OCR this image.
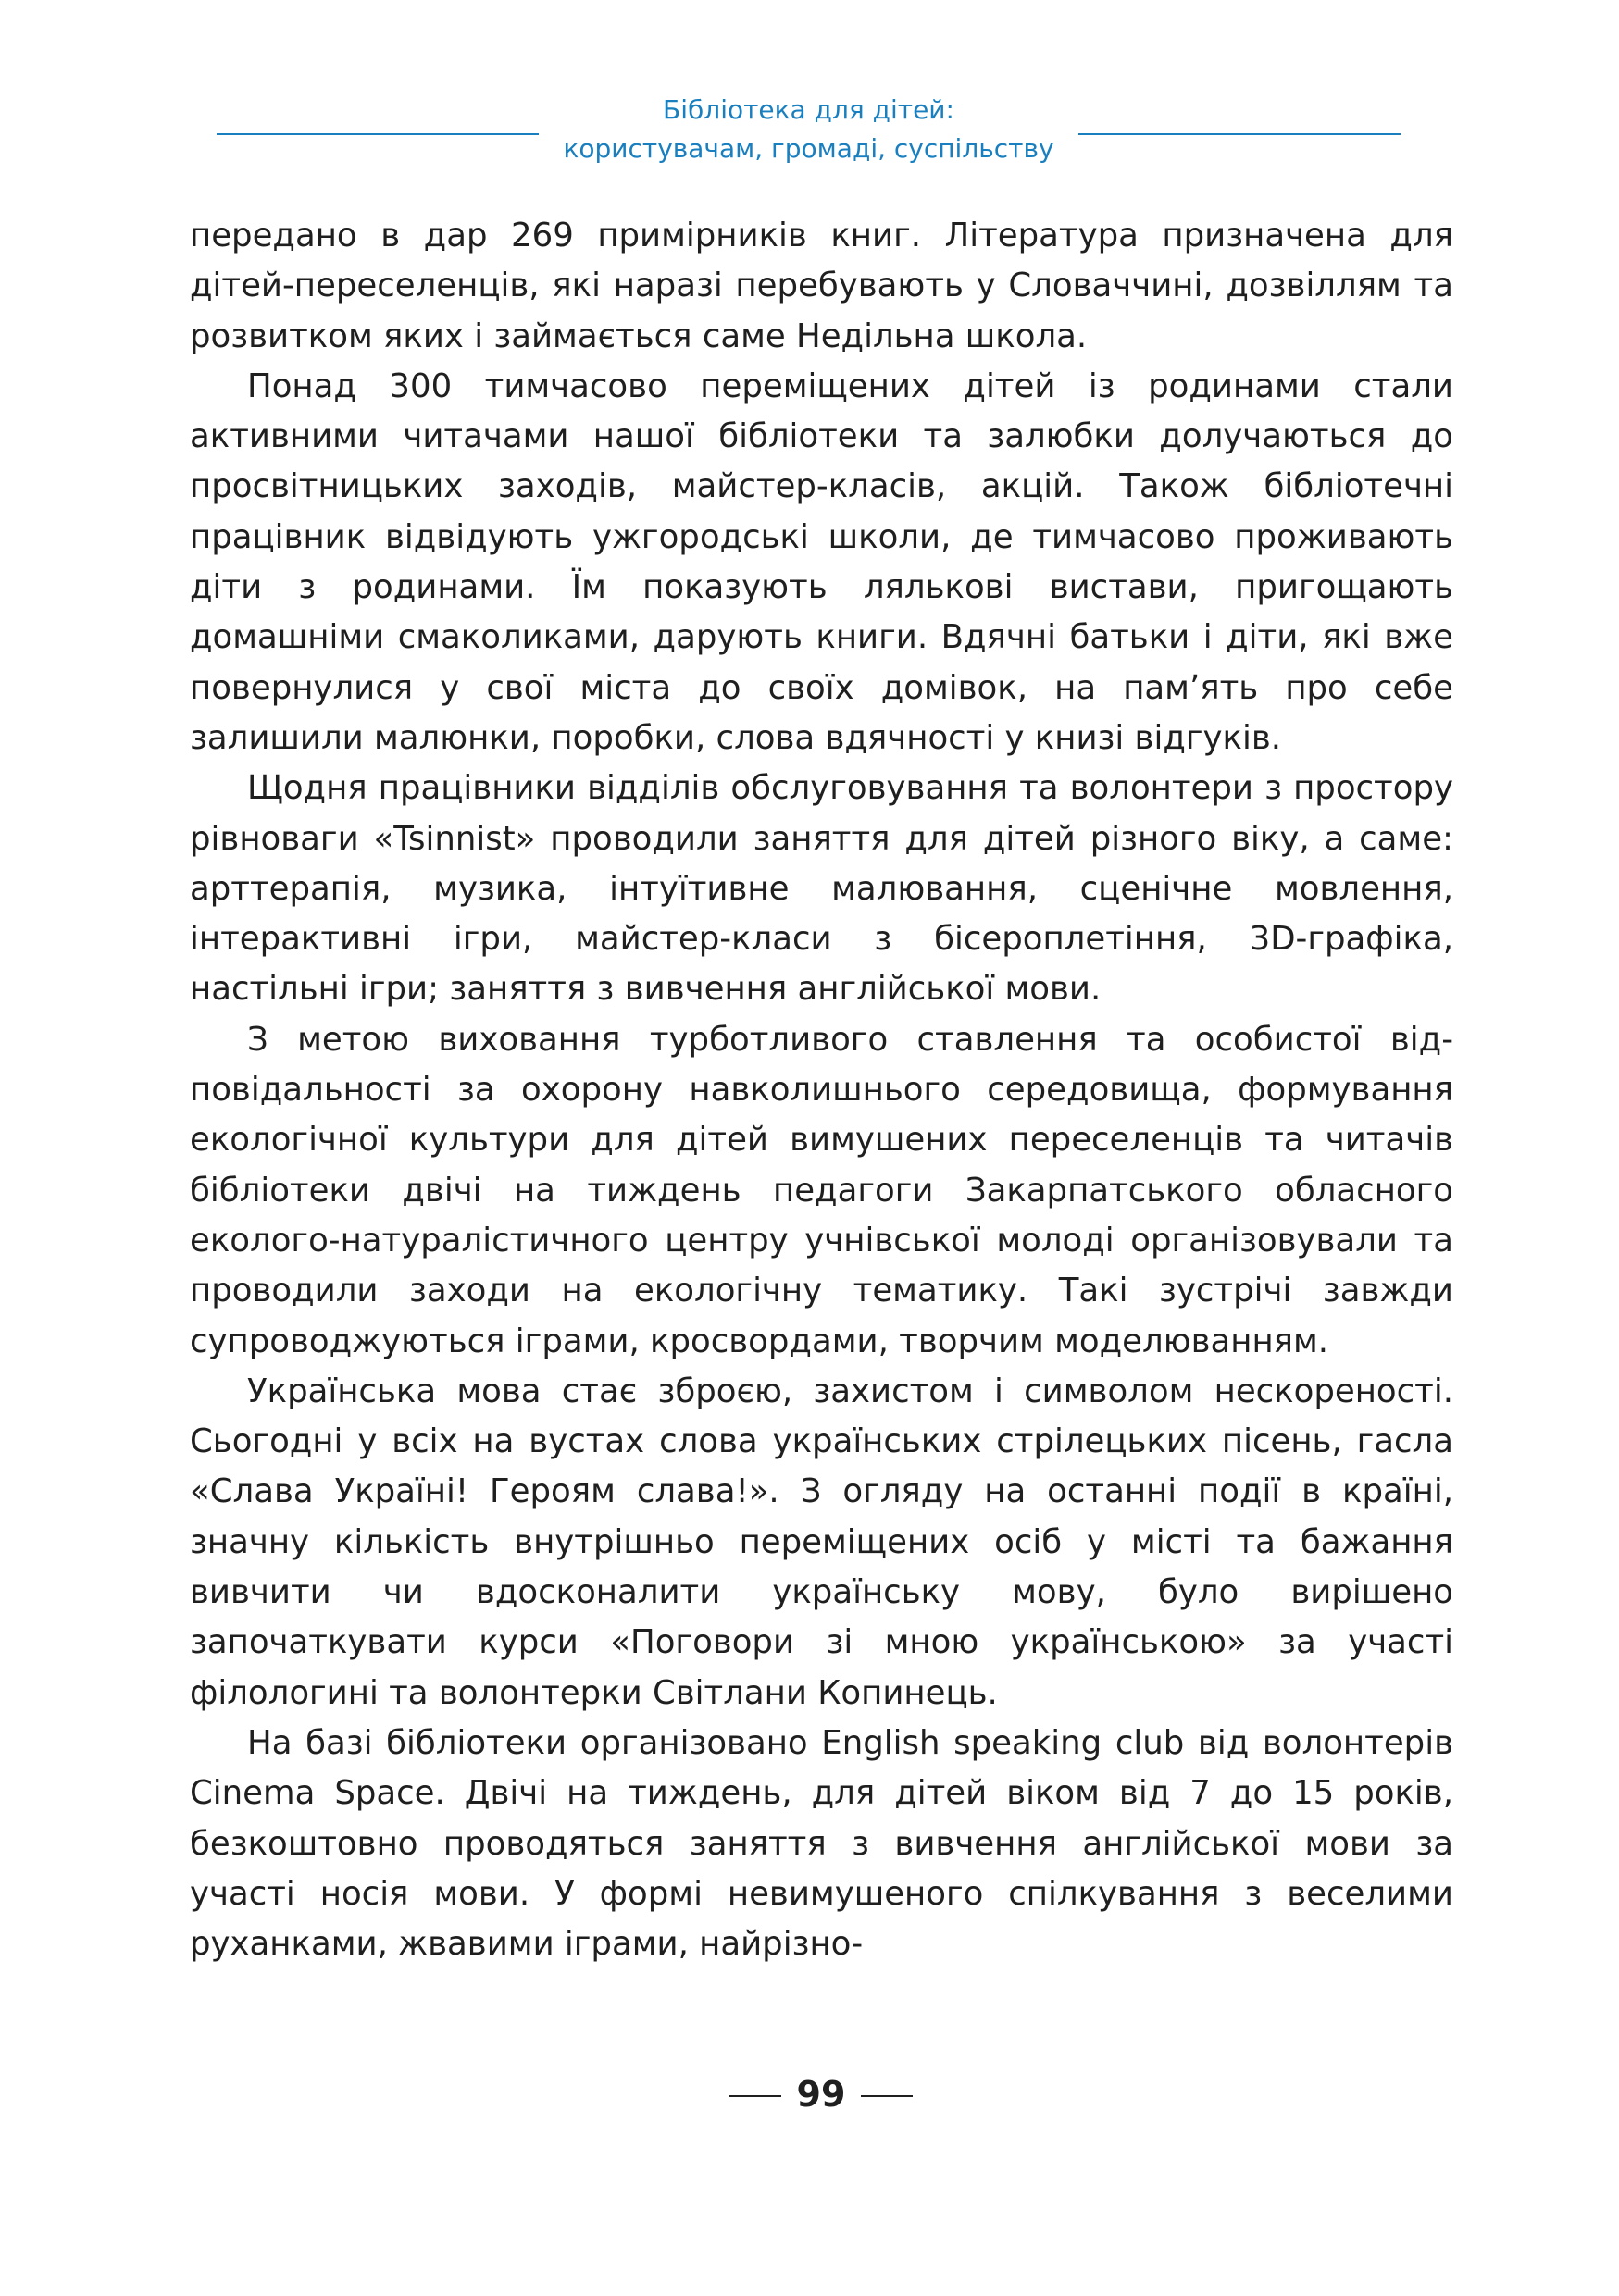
Бібліотека для дітей:
користувачам, громаді, суспільству

передано в дар 269 примірників книг. Література призначена для дітей-переселенців, які наразі перебувають у Словаччині, дозвіллям та розвитком яких і займається саме Недільна школа.

Понад 300 тимчасово переміщених дітей із родинами стали активними читачами нашої бібліотеки та залюбки долучаються до просвітницьких заходів, майстер-класів, акцій. Також бібліотечні працівник відвідують ужгородські школи, де тимчасово проживають діти з родинами. Їм показують лялькові вистави, пригощають домашніми смаколиками, дарують книги. Вдячні батьки і діти, які вже повернулися у свої міста до своїх домівок, на пам’ять про себе залишили малюнки, поробки, слова вдячності у книзі відгуків.

Щодня працівники відділів обслуговування та волонтери з простору рівноваги «Tsinnist» проводили заняття для дітей різного віку, а саме: арттерапія, музика, інтуїтивне малювання, сценічне мовлення, інтерактивні ігри, майстер-класи з бісероплетіння, 3D-графіка, настільні ігри; заняття з вивчення англійської мови.

З метою виховання турботливого ставлення та особистої відповідальності за охорону навколишнього середовища, формування екологічної культури для дітей вимушених переселенців та читачів бібліотеки двічі на тиждень педагоги Закарпатського обласного еколого-натуралістичного центру учнівської молоді організовували та проводили заходи на екологічну тематику. Такі зустрічі завжди супроводжуються іграми, кросвордами, творчим моделюванням.

Українська мова стає зброєю, захистом і символом нескореності. Сьогодні у всіх на вустах слова українських стрілецьких пісень, гасла «Слава Україні! Героям слава!». З огляду на останні події в країні, значну кількість внутрішньо переміщених осіб у місті та бажання вивчити чи вдосконалити українську мову, було вирішено започаткувати курси «Поговори зі мною українською» за участі філологині та волонтерки Світлани Копинець.

На базі бібліотеки організовано English speaking club від волонтерів Cinema Space. Двічі на тиждень, для дітей віком від 7 до 15 років, безкоштовно проводяться заняття з вивчення англійської мови за участі носія мови. У формі невимушеного спілкування з веселими руханками, жвавими іграми, найрізно-

99
